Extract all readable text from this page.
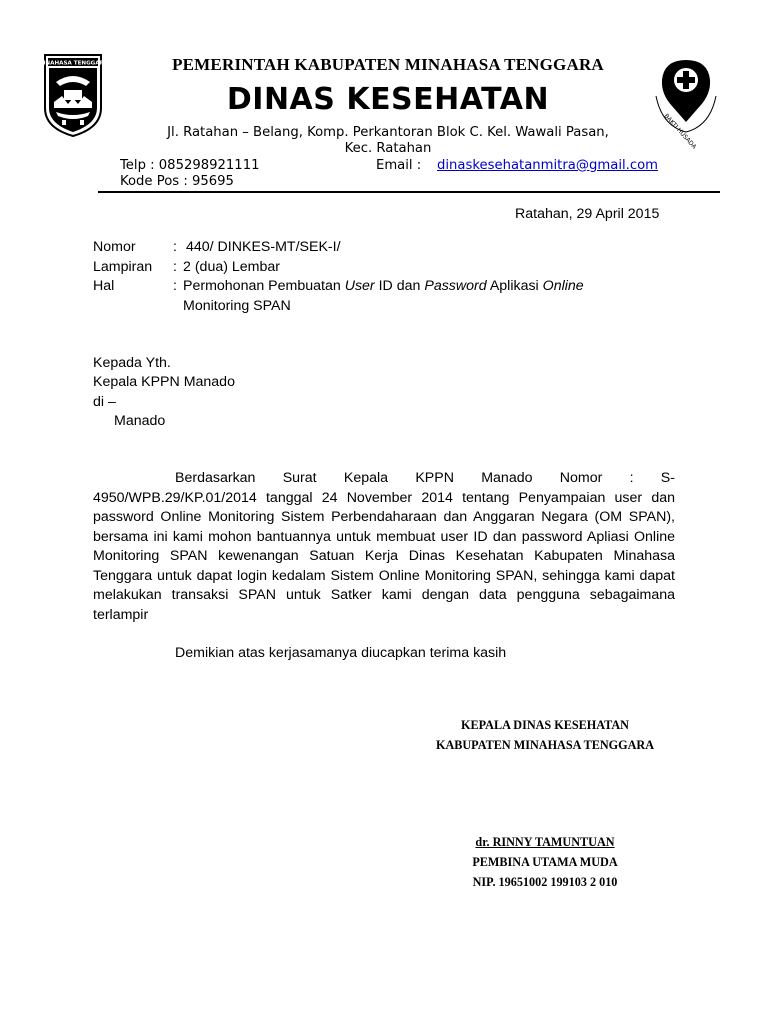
MINAHASA TENGGARA	PEMERINTAH KABUPATEN MINAHASA TENGGARA
DINAS KESEHATAN
Jl. Ratahan – Belang, Komp. Perkantoran Blok C. Kel. Wawali Pasan,
Kec. Ratahan
Telp : 085298921111	Email : dinaskesehatanmitra@gmail.com
Kode Pos : 95695
BAKTI HUSADA
Ratahan, 29 April 2015
Nomor	: 440/ DINKES-MT/SEK-I/
Lampiran : 2 (dua) Lembar
Hal	: Permohonan Pembuatan User ID dan Password Aplikasi Online
Monitoring SPAN
Kepada Yth.
Kepala KPPN Manado
di –
Manado
Berdasarkan Surat Kepala KPPN Manado Nomor : S-4950/WPB.29/KP.01/2014 tanggal 24 November 2014 tentang Penyampaian user dan password Online Monitoring Sistem Perbendaharaan dan Anggaran Negara (OM SPAN), bersama ini kami mohon bantuannya untuk membuat user ID dan password Apliasi Online Monitoring SPAN kewenangan Satuan Kerja Dinas Kesehatan Kabupaten Minahasa Tenggara untuk dapat login kedalam Sistem Online Monitoring SPAN, sehingga kami dapat melakukan transaksi SPAN untuk Satker kami dengan data pengguna sebagaimana terlampir
Demikian atas kerjasamanya diucapkan terima kasih
KEPALA DINAS KESEHATAN
KABUPATEN MINAHASA TENGGARA
dr. RINNY TAMUNTUAN
PEMBINA UTAMA MUDA
NIP. 19651002 199103 2 010
